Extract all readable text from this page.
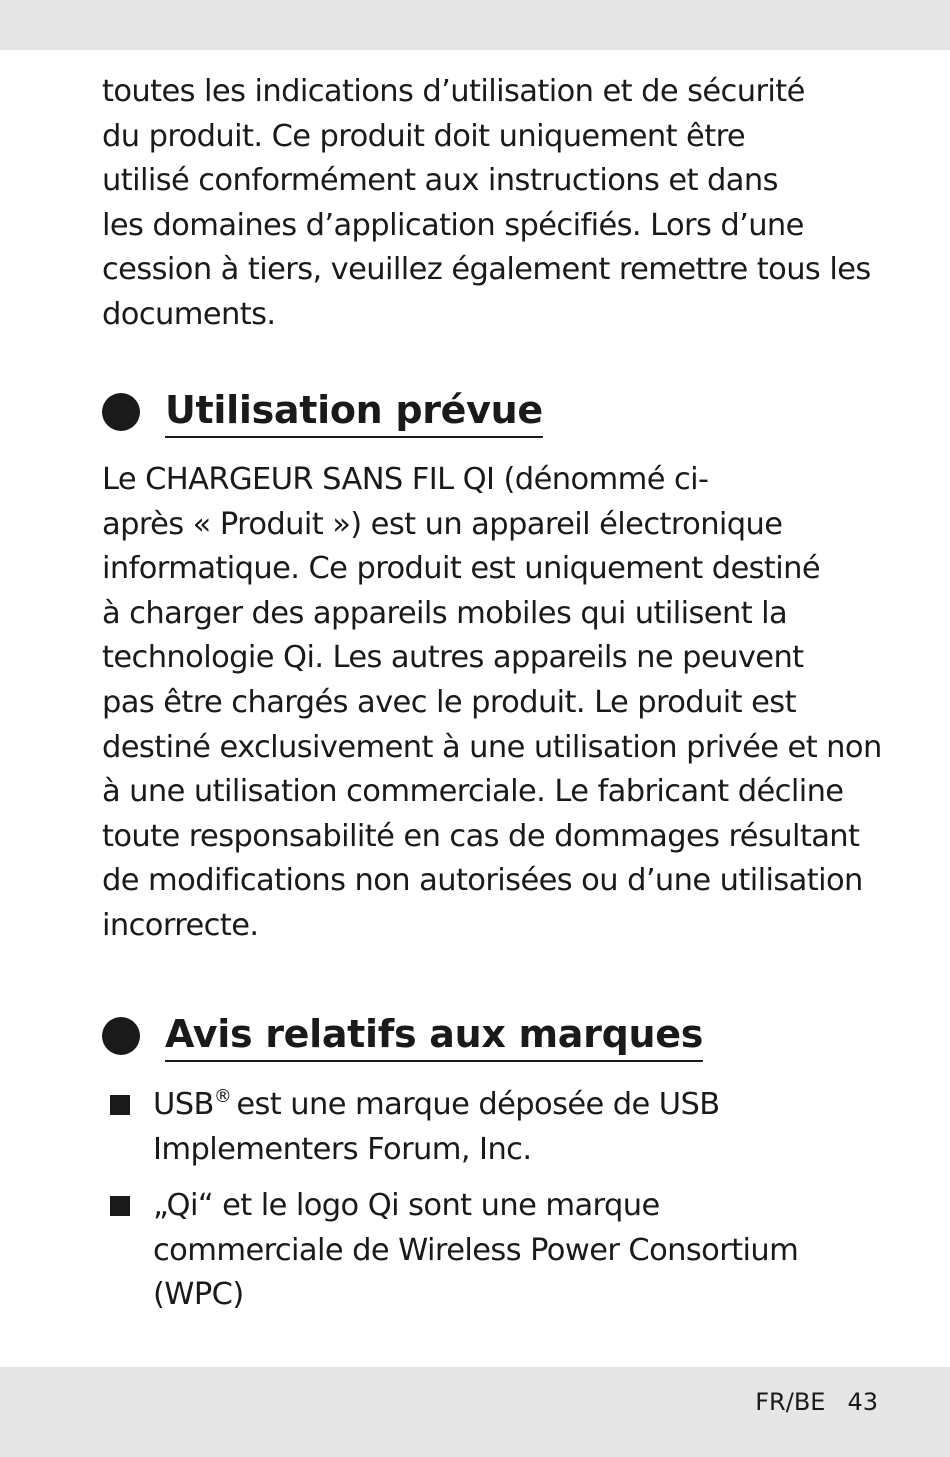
toutes les indications d’utilisation et de sécurité
du produit. Ce produit doit uniquement être
utilisé conformément aux instructions et dans
les domaines d’application spécifiés. Lors d’une
cession à tiers, veuillez également remettre tous les
documents.

Utilisation prévue

Le CHARGEUR SANS FIL QI (dénommé ci-
après « Produit ») est un appareil électronique
informatique. Ce produit est uniquement destiné
à charger des appareils mobiles qui utilisent la
technologie Qi. Les autres appareils ne peuvent
pas être chargés avec le produit. Le produit est
destiné exclusivement à une utilisation privée et non
à une utilisation commerciale. Le fabricant décline
toute responsabilité en cas de dommages résultant
de modifications non autorisées ou d’une utilisation
incorrecte.

Avis relatifs aux marques
USB® est une marque déposée de USB
Implementers Forum, Inc.
„Qi“ et le logo Qi sont une marque
commerciale de Wireless Power Consortium
(WPC)
FR/BE 43
